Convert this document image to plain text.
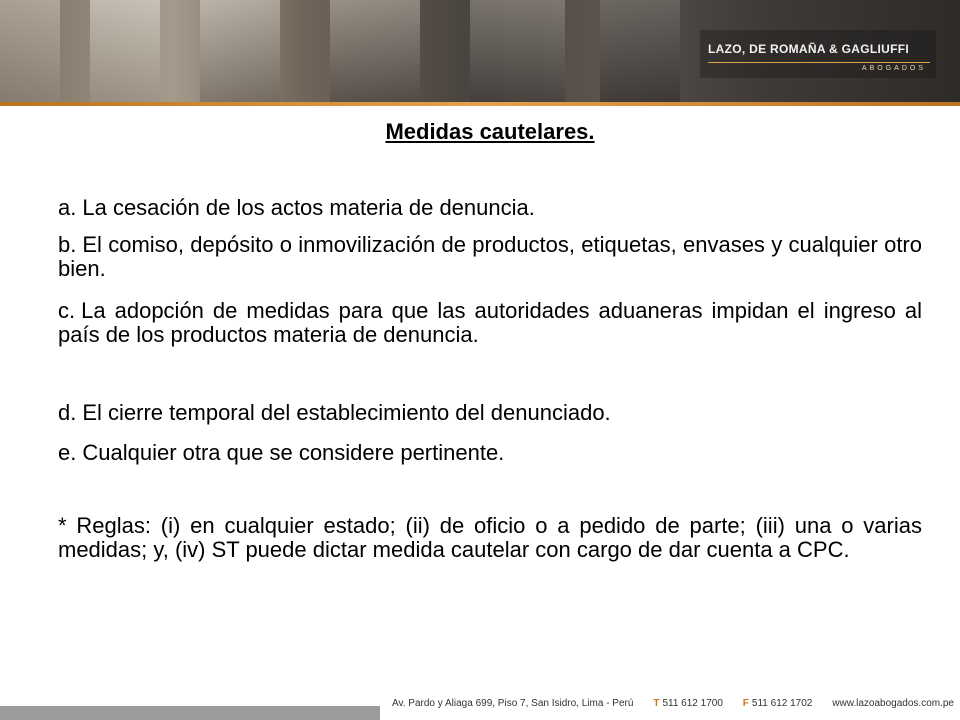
LAZO, DE ROMAÑA & GAGLIUFFI
ABOGADOS
Medidas cautelares.
a. La cesación de los actos materia de denuncia.
b. El comiso, depósito o inmovilización de productos, etiquetas, envases y cualquier otro bien.
c. La adopción de medidas para que las autoridades aduaneras impidan el ingreso al país de los productos materia de denuncia.
d. El cierre temporal del establecimiento del denunciado.
e. Cualquier otra que se considere pertinente.
* Reglas: (i) en cualquier estado; (ii) de oficio o a pedido de parte; (iii) una o varias medidas; y, (iv) ST puede dictar medida cautelar con cargo de dar cuenta a CPC.
Av. Pardo y Aliaga 699, Piso 7, San Isidro, Lima - Perú T 511 612 1700 F 511 612 1702 www.lazoabogados.com.pe
